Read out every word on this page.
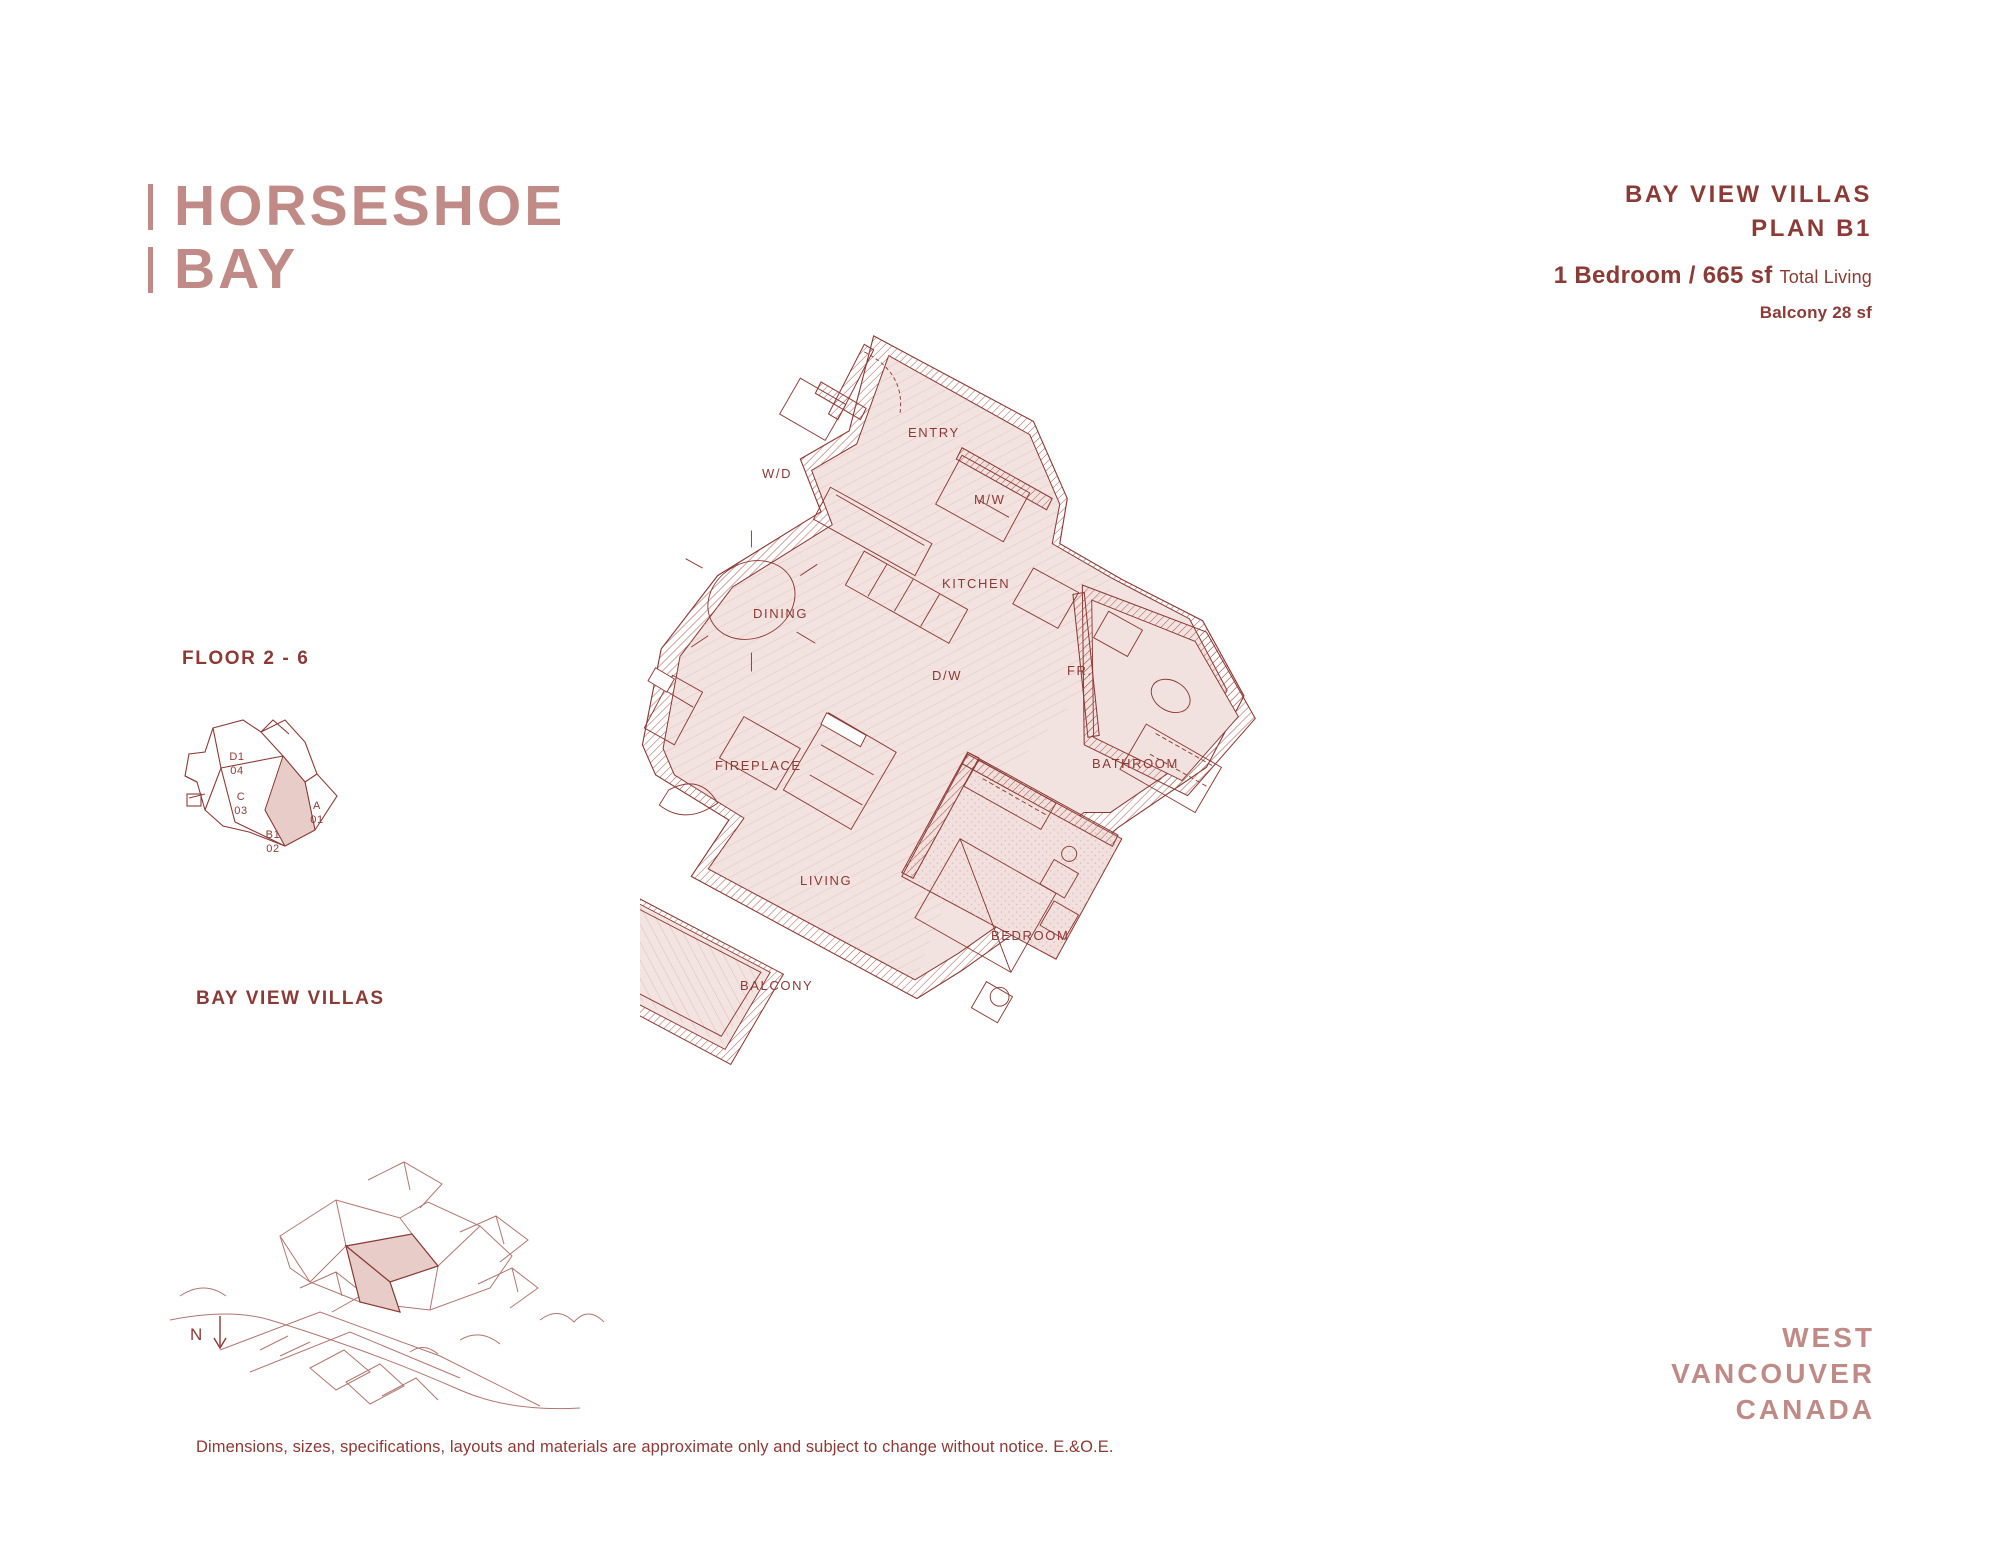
HORSESHOE
BAY
BAY VIEW VILLAS
PLAN B1
1 Bedroom / 665 sf Total Living
Balcony 28 sf
FLOOR 2 - 6
D1
04
C
03	A
01
B1
02
BAY VIEW VILLAS
N
ENTRY
W/D
M/W
KITCHEN
DINING
D/W	FR.
BATHROOM
FIREPLACE
LIVING
BEDROOM
BALCONY
WEST
VANCOUVER
CANADA
Dimensions, sizes, specifications, layouts and materials are approximate only and subject to change without notice. E.&O.E.
